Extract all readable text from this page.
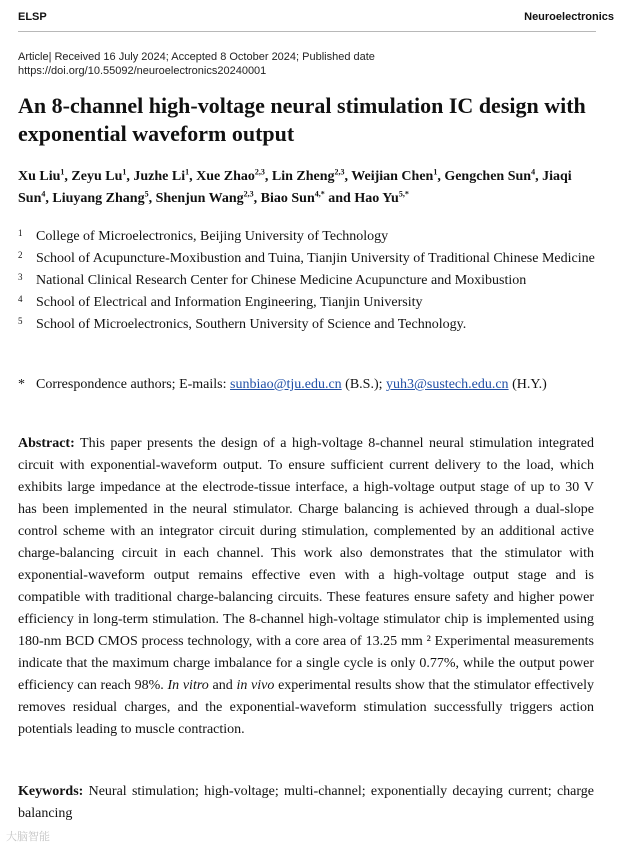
ELSP	Neuroelectronics
Article| Received 16 July 2024; Accepted 8 October 2024; Published date
https://doi.org/10.55092/neuroelectronics20240001
An 8-channel high-voltage neural stimulation IC design with exponential waveform output

Xu Liu$^1$, Zeyu Lu$^1$, Juzhe Li$^1$, Xue Zhao$^{2,3}$, Lin Zheng$^{2,3}$, Weijian Chen$^1$, Gengchen Sun$^4$, Jiaqi Sun$^4$, Liuyang Zhang$^5$, Shenjun Wang$^{2,3}$, Biao Sun$^{4,*}$ and Hao $Yu^{5,*}$

1 College of Microelectronics, Beijing University of Technology
2 School of Acupuncture-Moxibustion and Tuina, Tianjin University of Traditional Chinese Medicine
3 National Clinical Research Center for Chinese Medicine Acupuncture and Moxibustion
4 School of Electrical and Information Engineering, Tianjin University
5 School of Microelectronics, Southern University of Science and Technology.
* Correspondence authors; E-mails: sunbiao@tju.edu.cn (B.S.); yuh3@sustech.edu.cn (H.Y.)

Abstract: This paper presents the design of a high-voltage 8-channel neural stimulation integrated circuit with exponential-waveform output. To ensure sufficient current delivery to the load, which exhibits large impedance at the electrode-tissue interface, a high-voltage output stage of up to 30 V has been implemented in the neural stimulator. Charge balancing is achieved through a dual-slope control scheme with an integrator circuit during stimulation, complemented by an additional active charge-balancing circuit in each channel. This work also demonstrates that the stimulator with exponential-waveform output remains effective even with a high-voltage output stage and is compatible with traditional charge-balancing circuits. These features ensure safety and higher power efficiency in long-term stimulation. The 8-channel high-voltage stimulator chip is implemented using 180-nm BCD CMOS process technology, with a core area of 13.25 mm ² Experimental measurements indicate that the maximum charge imbalance for a single cycle is only 0.77%, while the output power efficiency can reach 98%. In vitro and in vivo experimental results show that the stimulator effectively removes residual charges, and the exponential-waveform stimulation successfully triggers action potentials leading to muscle contraction.

Keywords: Neural stimulation; high-voltage; multi-channel; exponentially decaying current; charge balancing

大脑智能
